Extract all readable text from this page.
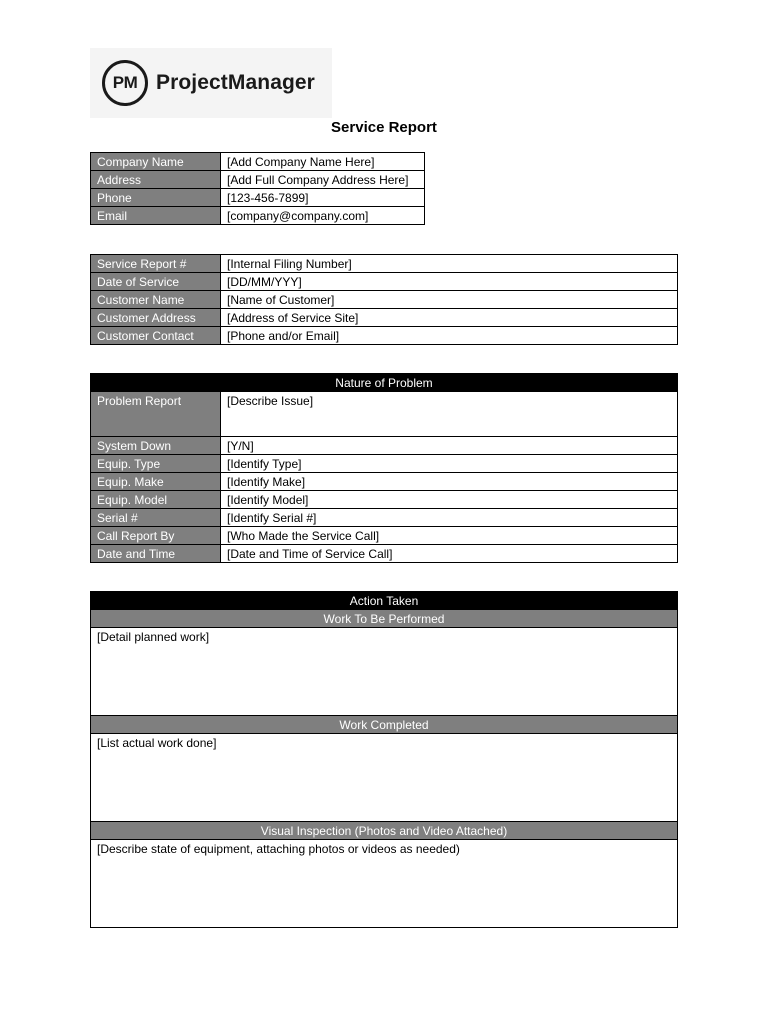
PM ProjectManager
Service Report
Company Name	[Add Company Name Here]
Address	[Add Full Company Address Here]
Phone	[123-456-7899]
Email	[company@company.com]
Service Report #	[Internal Filing Number]
Date of Service	[DD/MM/YYY]
Customer Name	[Name of Customer]
Customer Address	[Address of Service Site]
Customer Contact	[Phone and/or Email]
Nature of Problem	
Problem Report	[Describe Issue]
System Down	[Y/N]
Equip. Type	[Identify Type]
Equip. Make	[Identify Make]
Equip. Model	[Identify Model]
Serial #	[Identify Serial #]
Call Report By	[Who Made the Service Call]
Date and Time	[Date and Time of Service Call]
Action Taken
Work To Be Performed
[Detail planned work]
Work Completed
[List actual work done]
Visual Inspection (Photos and Video Attached)
[Describe state of equipment, attaching photos or videos as needed)
